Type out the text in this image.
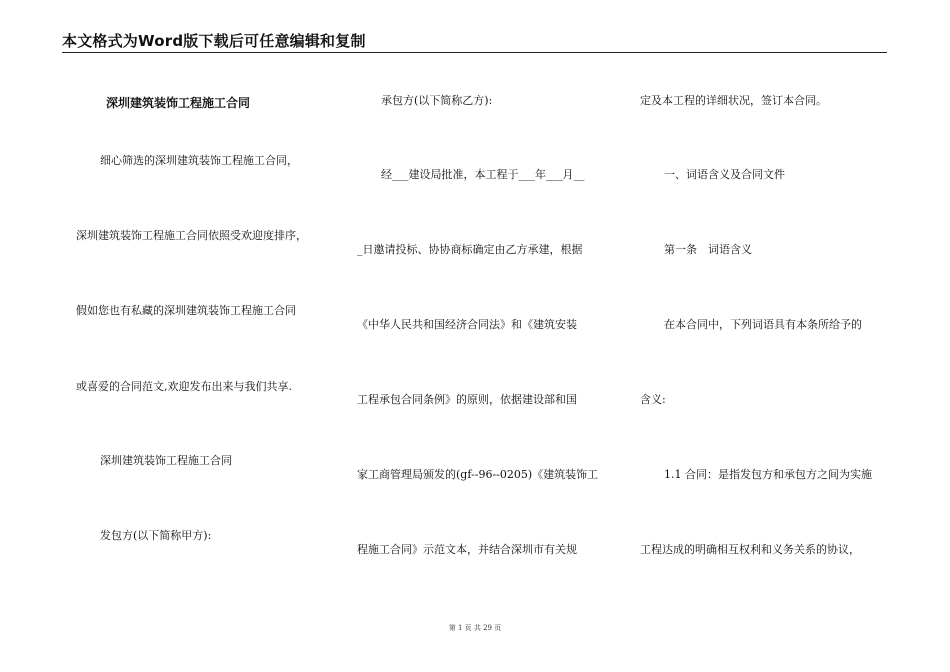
本文格式为Word版下载后可任意编辑和复制
深圳建筑装饰工程施工合同
细心筛选的深圳建筑装饰工程施工合同，
深圳建筑装饰工程施工合同依照受欢迎度排序，
假如您也有私藏的深圳建筑装饰工程施工合同
或喜爱的合同范文,欢迎发布出来与我们共享.
深圳建筑装饰工程施工合同
发包方(以下简称甲方):
承包方(以下简称乙方):
经___建设局批准，本工程于___年___月__
_日邀请投标、协协商标确定由乙方承建，根据
《中华人民共和国经济合同法》和《建筑安装
工程承包合同条例》的原则，依据建设部和国
家工商管理局颁发的(gf--96--0205)《建筑装饰工
程施工合同》示范文本，并结合深圳市有关规
定及本工程的详细状况，签订本合同。
一、词语含义及合同文件
第一条　词语含义
在本合同中，下列词语具有本条所给予的
含义:
1.1 合同：是指发包方和承包方之间为实施
工程达成的明确相互权利和义务关系的协议，
第 1 页 共 29 页
